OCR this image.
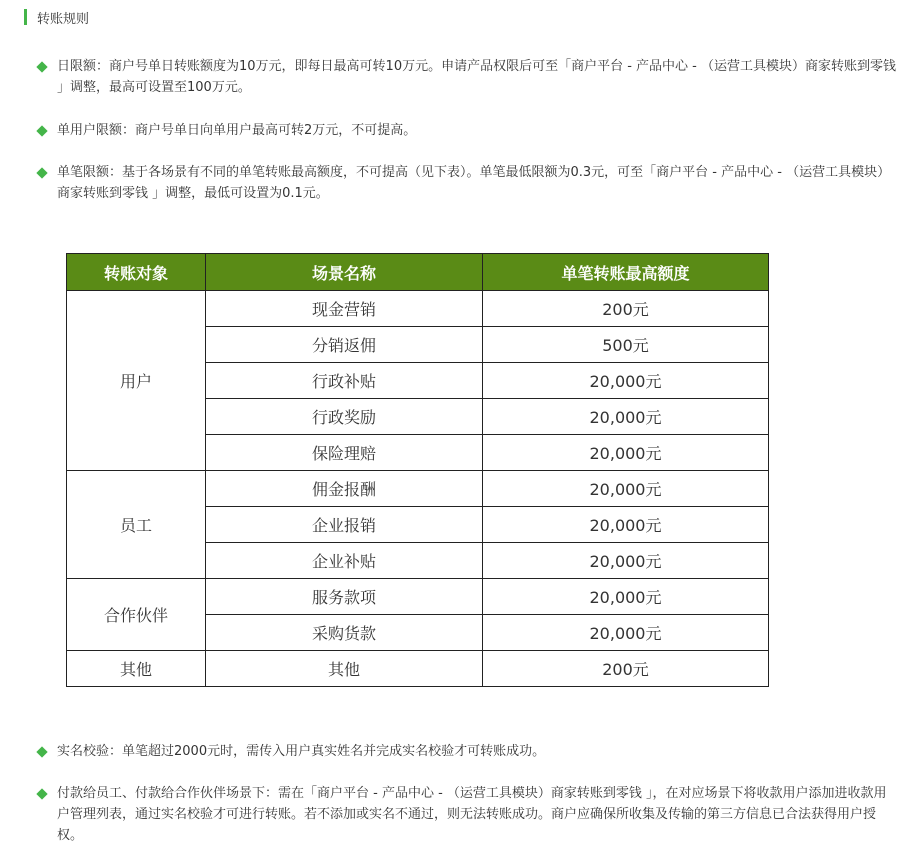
转账规则
日限额：商户号单日转账额度为10万元，即每日最高可转10万元。申请产品权限后可至「商户平台 - 产品中心 - （运营工具模块）商家转账到零钱 」调整，最高可设置至100万元。
单用户限额：商户号单日向单用户最高可转2万元，不可提高。
单笔限额：基于各场景有不同的单笔转账最高额度，不可提高（见下表）。单笔最低限额为0.3元，可至「商户平台 - 产品中心 - （运营工具模块）商家转账到零钱 」调整，最低可设置为0.1元。
转账对象	场景名称	单笔转账最高额度
用户	现金营销	200元
	分销返佣	500元
	行政补贴	20,000元
	行政奖励	20,000元
	保险理赔	20,000元
员工	佣金报酬	20,000元
	企业报销	20,000元
	企业补贴	20,000元
合作伙伴	服务款项	20,000元
	采购货款	20,000元
其他	其他	200元
实名校验：单笔超过2000元时，需传入用户真实姓名并完成实名校验才可转账成功。
付款给员工、付款给合作伙伴场景下：需在「商户平台 - 产品中心 - （运营工具模块）商家转账到零钱 」，在对应场景下将收款用户添加进收款用户管理列表，通过实名校验才可进行转账。若不添加或实名不通过，则无法转账成功。商户应确保所收集及传输的第三方信息已合法获得用户授权。
